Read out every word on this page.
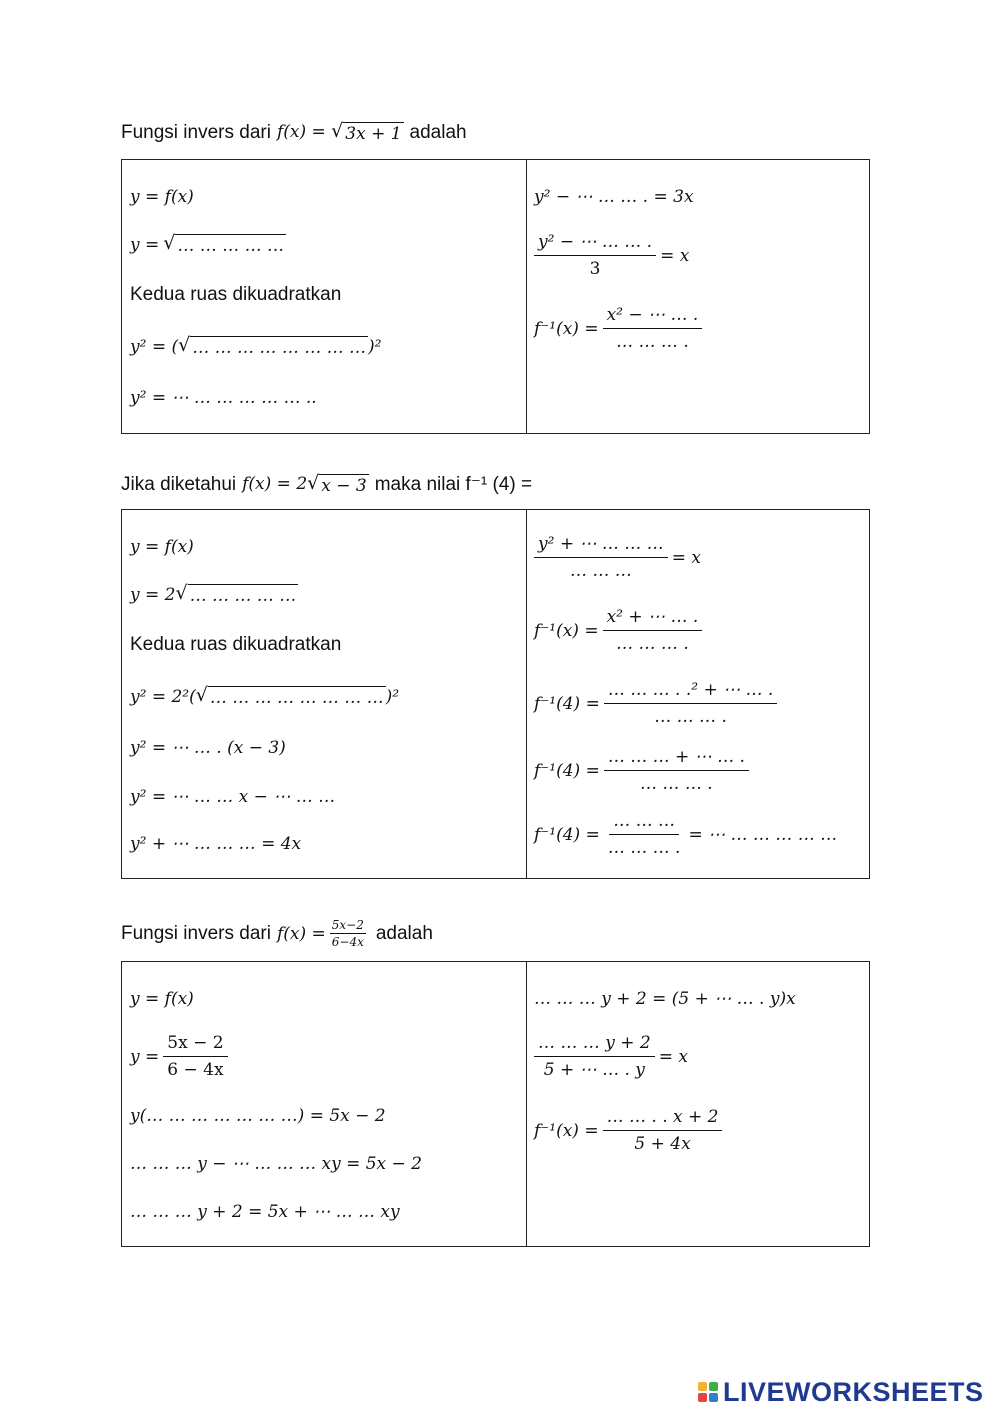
Fungsi invers dari f(x) = √ 3x + 1 adalah
y = f(x)
y = √ … … … … …
Kedua ruas dikuadratkan
y² = ( √ … … … … … … … … )²
y² = ⋯ … … … … … ..
y² − ⋯ … … . = 3x
$\frac{\text{y² − ⋯ … … .}}{3} = x$
$f^{-1}(x) = \frac{\text{x² − ⋯ … .}}{\dots \dots \dots .}$
Jika diketahui f(x) = 2 √ x − 3 maka nilai f⁻¹ (4) =
y = f(x)
y = 2 √ … … … … …
Kedua ruas dikuadratkan
y² = 2²( √ … … … … … … … … )²
y² = ⋯ … . (x − 3)
y² = ⋯ … … x − ⋯ … …
y² + ⋯ … … … = 4x
$\frac{\text{y² + ⋯ … … …}}{\dots \dots \dots} = x$
$f^{-1}(x) = \frac{\text{x² + ⋯ … .}}{\dots \dots \dots .}$
$f^{-1}(4) = \frac{\text{… … … . .² + ⋯ … .}}{\dots \dots \dots .}$
$f^{-1}(4) = \frac{\dots \dots \dots + \cdots \dots .}{\dots \dots \dots .}$
$f^{-1}(4) = \frac{\dots \dots \dots}{\dots \dots \dots .}$ = ⋯ … … … … …
Fungsi invers dari $f(x) = \frac{5x-2}{6-4x}$ adalah
y = f(x)
$y = \frac{5x - 2}{6 - 4x}$
y(… … … … … … …) = 5x − 2
… … … y − ⋯ … … … xy = 5x − 2
… … … y + 2 = 5x + ⋯ … … xy
… … … y + 2 = (5 + ⋯ … . y)x
$\frac{\dots \dots \dots y + 2}{5 + \cdots \dots . y} = x$
$f^{-1}(x) = \frac{\dots \dots . . x + 2}{5 + 4x}$
LIVEWORKSHEETS
